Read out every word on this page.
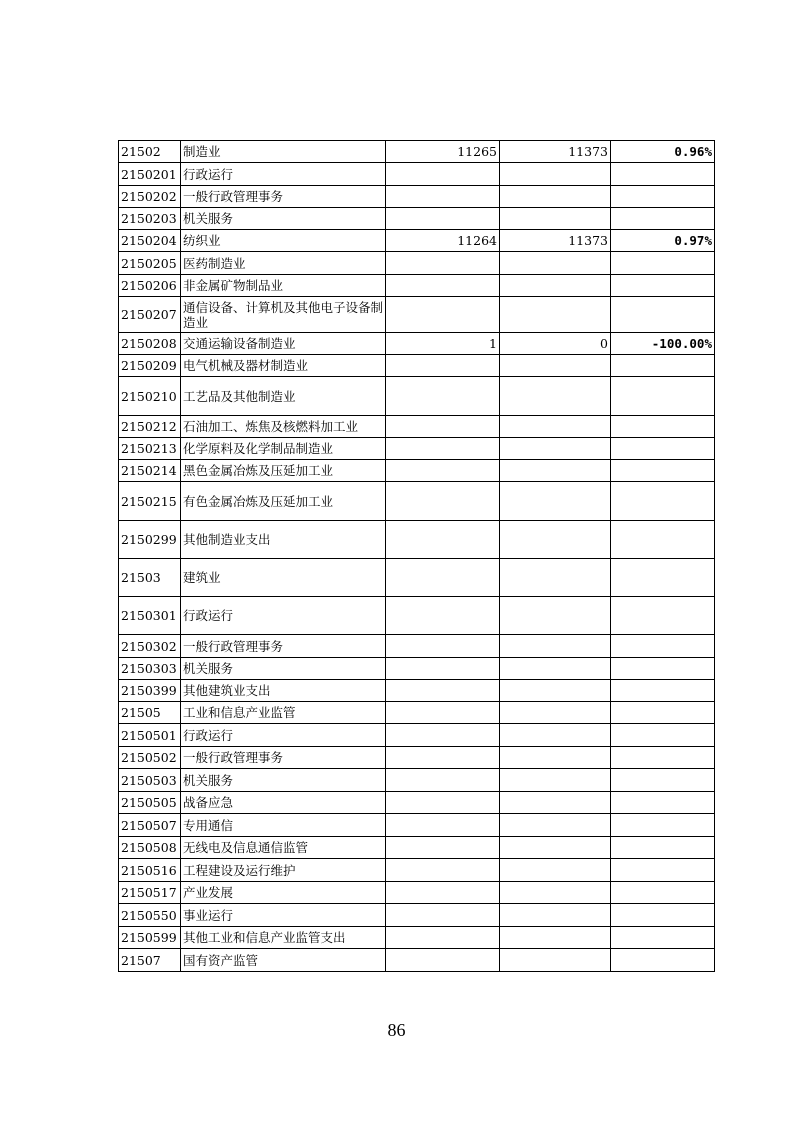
21502	制造业	11265	11373	0.96%
2150201	行政运行			
2150202	一般行政管理事务			
2150203	机关服务			
2150204	纺织业	11264	11373	0.97%
2150205	医药制造业			
2150206	非金属矿物制品业			
2150207	通信设备、计算机及其他电子设备制造业			
2150208	交通运输设备制造业	1	0	-100.00%
2150209	电气机械及器材制造业			
2150210	工艺品及其他制造业			
2150212	石油加工、炼焦及核燃料加工业			
2150213	化学原料及化学制品制造业			
2150214	黑色金属冶炼及压延加工业			
2150215	有色金属冶炼及压延加工业			
2150299	其他制造业支出			
21503	建筑业			
2150301	行政运行			
2150302	一般行政管理事务			
2150303	机关服务			
2150399	其他建筑业支出			
21505	工业和信息产业监管			
2150501	行政运行			
2150502	一般行政管理事务			
2150503	机关服务			
2150505	战备应急			
2150507	专用通信			
2150508	无线电及信息通信监管			
2150516	工程建设及运行维护			
2150517	产业发展			
2150550	事业运行			
2150599	其他工业和信息产业监管支出			
21507	国有资产监管			
86
